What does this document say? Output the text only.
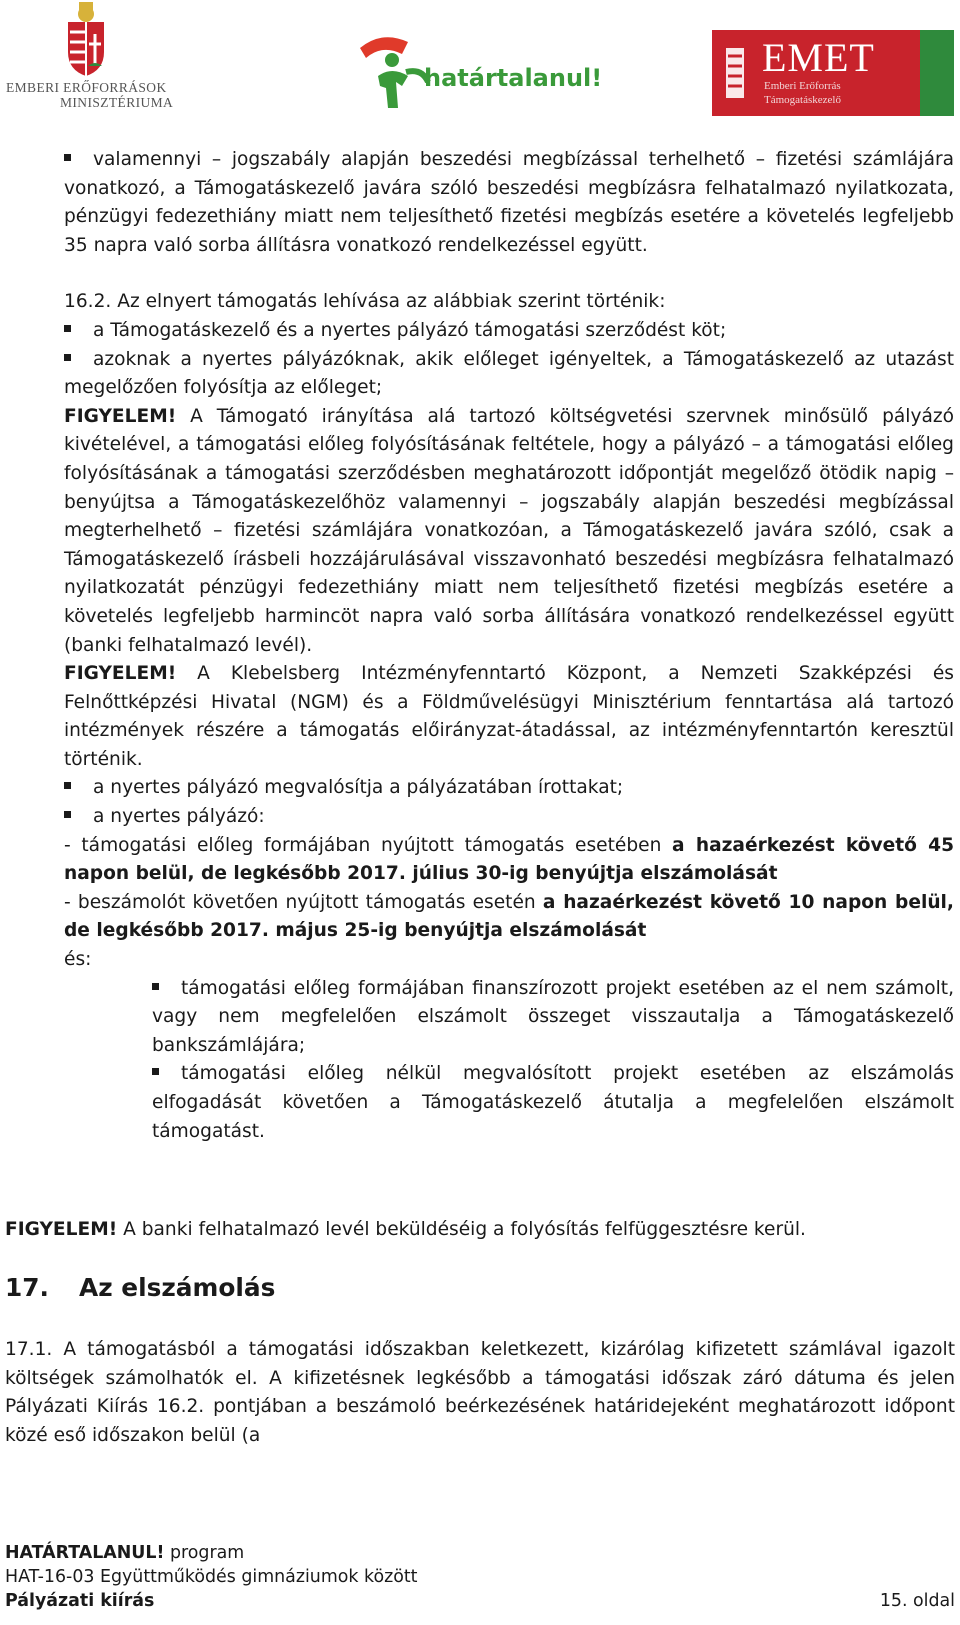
EMBERI ERŐFORRÁSOK
MINISZTÉRIUMA
határtalanul!	EMET
Emberi Erőforrás
Támogatáskezelő

valamennyi – jogszabály alapján beszedési megbízással terhelhető – fizetési számlájára vonatkozó, a Támogatáskezelő javára szóló beszedési megbízásra felhatalmazó nyilatkozata, pénzügyi fedezethiány miatt nem teljesíthető fizetési megbízás esetére a követelés legfeljebb 35 napra való sorba állításra vonatkozó rendelkezéssel együtt.

16.2. Az elnyert támogatás lehívása az alábbiak szerint történik:

a Támogatáskezelő és a nyertes pályázó támogatási szerződést köt;

azoknak a nyertes pályázóknak, akik előleget igényeltek, a Támogatáskezelő az utazást megelőzően folyósítja az előleget;

FIGYELEM! A Támogató irányítása alá tartozó költségvetési szervnek minősülő pályázó kivételével, a támogatási előleg folyósításának feltétele, hogy a pályázó – a támogatási előleg folyósításának a támogatási szerződésben meghatározott időpontját megelőző ötödik napig – benyújtsa a Támogatáskezelőhöz valamennyi – jogszabály alapján beszedési megbízással megterhelhető – fizetési számlájára vonatkozóan, a Támogatáskezelő javára szóló, csak a Támogatáskezelő írásbeli hozzájárulásával visszavonható beszedési megbízásra felhatalmazó nyilatkozatát pénzügyi fedezethiány miatt nem teljesíthető fizetési megbízás esetére a követelés legfeljebb harmincöt napra való sorba állítására vonatkozó rendelkezéssel együtt (banki felhatalmazó levél).

FIGYELEM! A Klebelsberg Intézményfenntartó Központ, a Nemzeti Szakképzési és Felnőttképzési Hivatal (NGM) és a Földművelésügyi Minisztérium fenntartása alá tartozó intézmények részére a támogatás előirányzat-átadással, az intézményfenntartón keresztül történik.

a nyertes pályázó megvalósítja a pályázatában írottakat;

a nyertes pályázó:

- támogatási előleg formájában nyújtott támogatás esetében a hazaérkezést követő 45 napon belül, de legkésőbb 2017. július 30-ig benyújtja elszámolását

- beszámolót követően nyújtott támogatás esetén a hazaérkezést követő 10 napon belül, de legkésőbb 2017. május 25-ig benyújtja elszámolását

és:

támogatási előleg formájában finanszírozott projekt esetében az el nem számolt, vagy nem megfelelően elszámolt összeget visszautalja a Támogatáskezelő bankszámlájára;

támogatási előleg nélkül megvalósított projekt esetében az elszámolás elfogadását követően a Támogatáskezelő átutalja a megfelelően elszámolt támogatást.

FIGYELEM! A banki felhatalmazó levél beküldéséig a folyósítás felfüggesztésre kerül.

17. Az elszámolás

17.1. A támogatásból a támogatási időszakban keletkezett, kizárólag kifizetett számlával igazolt költségek számolhatók el. A kifizetésnek legkésőbb a támogatási időszak záró dátuma és jelen Pályázati Kiírás 16.2. pontjában a beszámoló beérkezésének határidejeként meghatározott időpont közé eső időszakon belül (a

HATÁRTALANUL! program
HAT-16-03 Együttműködés gimnáziumok között
Pályázati kiírás	15. oldal
